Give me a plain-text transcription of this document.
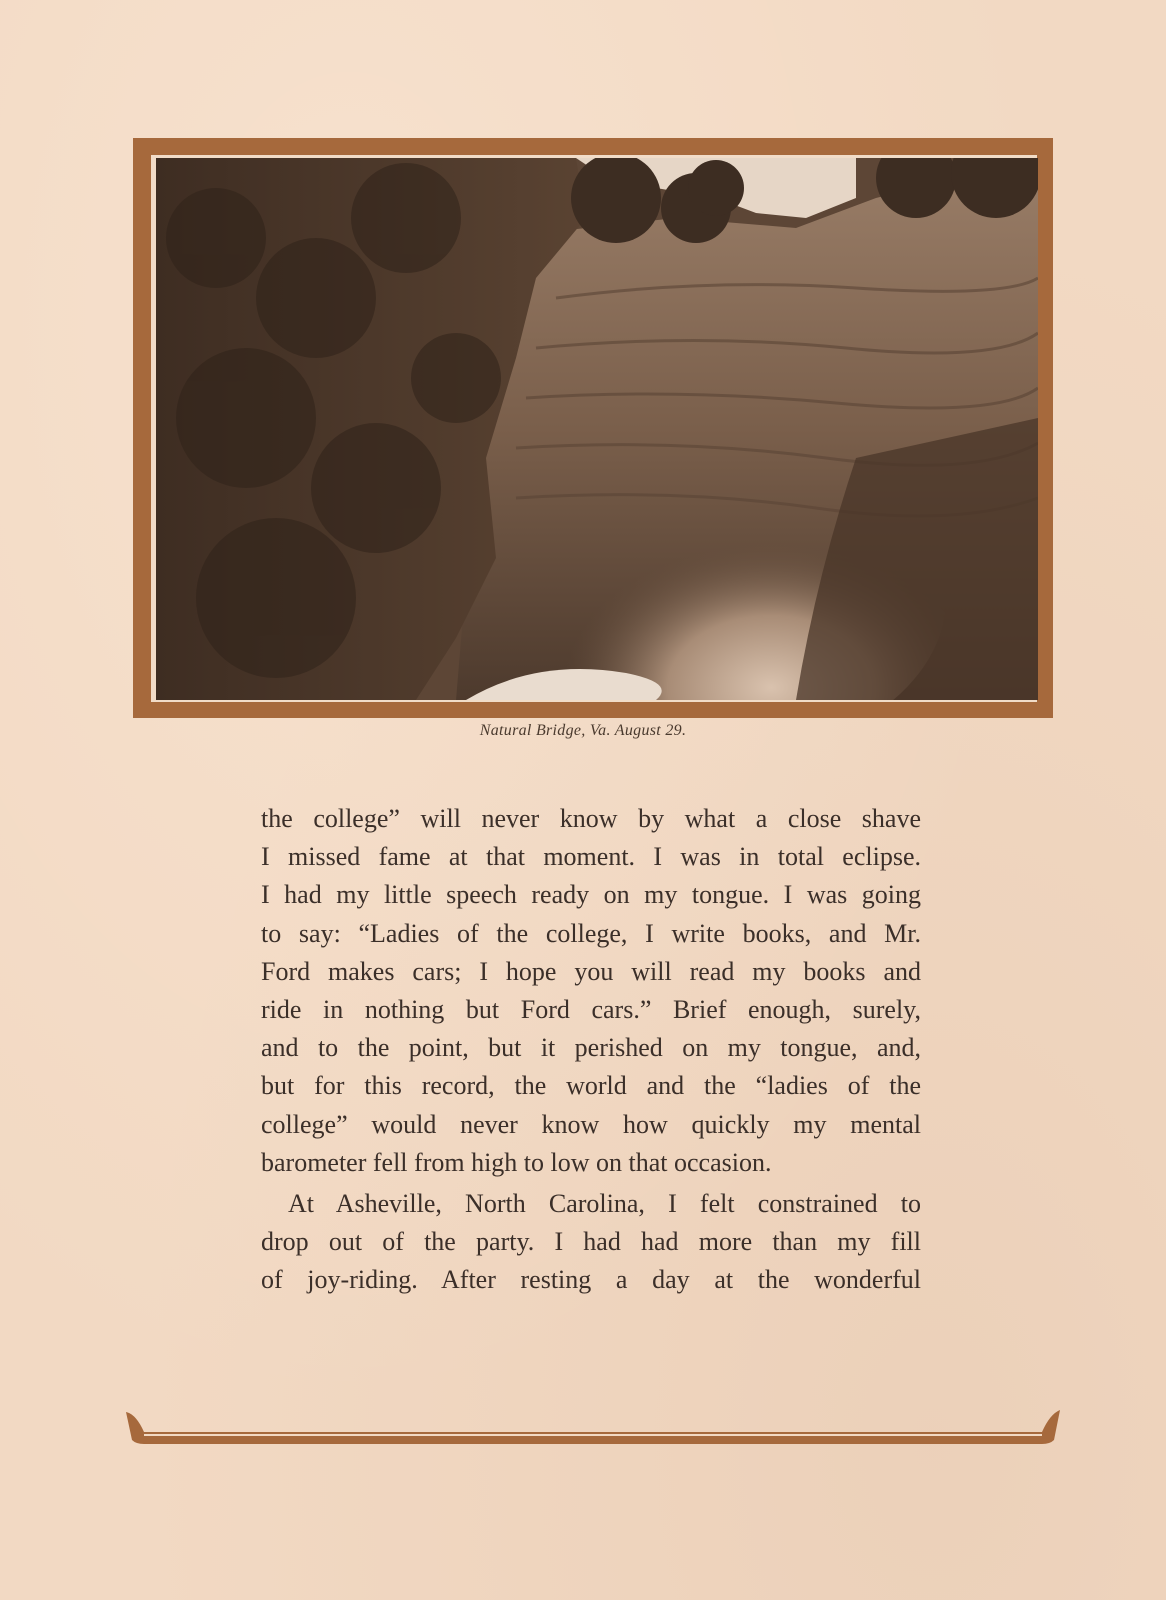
Natural Bridge, Va. August 29.
the college” will never know by what a close shave
I missed fame at that moment. I was in total eclipse.
I had my little speech ready on my tongue. I was going
to say: “Ladies of the college, I write books, and Mr.
Ford makes cars; I hope you will read my books and
ride in nothing but Ford cars.” Brief enough, surely,
and to the point, but it perished on my tongue, and,
but for this record, the world and the “ladies of the
college” would never know how quickly my mental
barometer fell from high to low on that occasion.
At Asheville, North Carolina, I felt constrained to
drop out of the party. I had had more than my fill
of joy-riding. After resting a day at the wonderful
